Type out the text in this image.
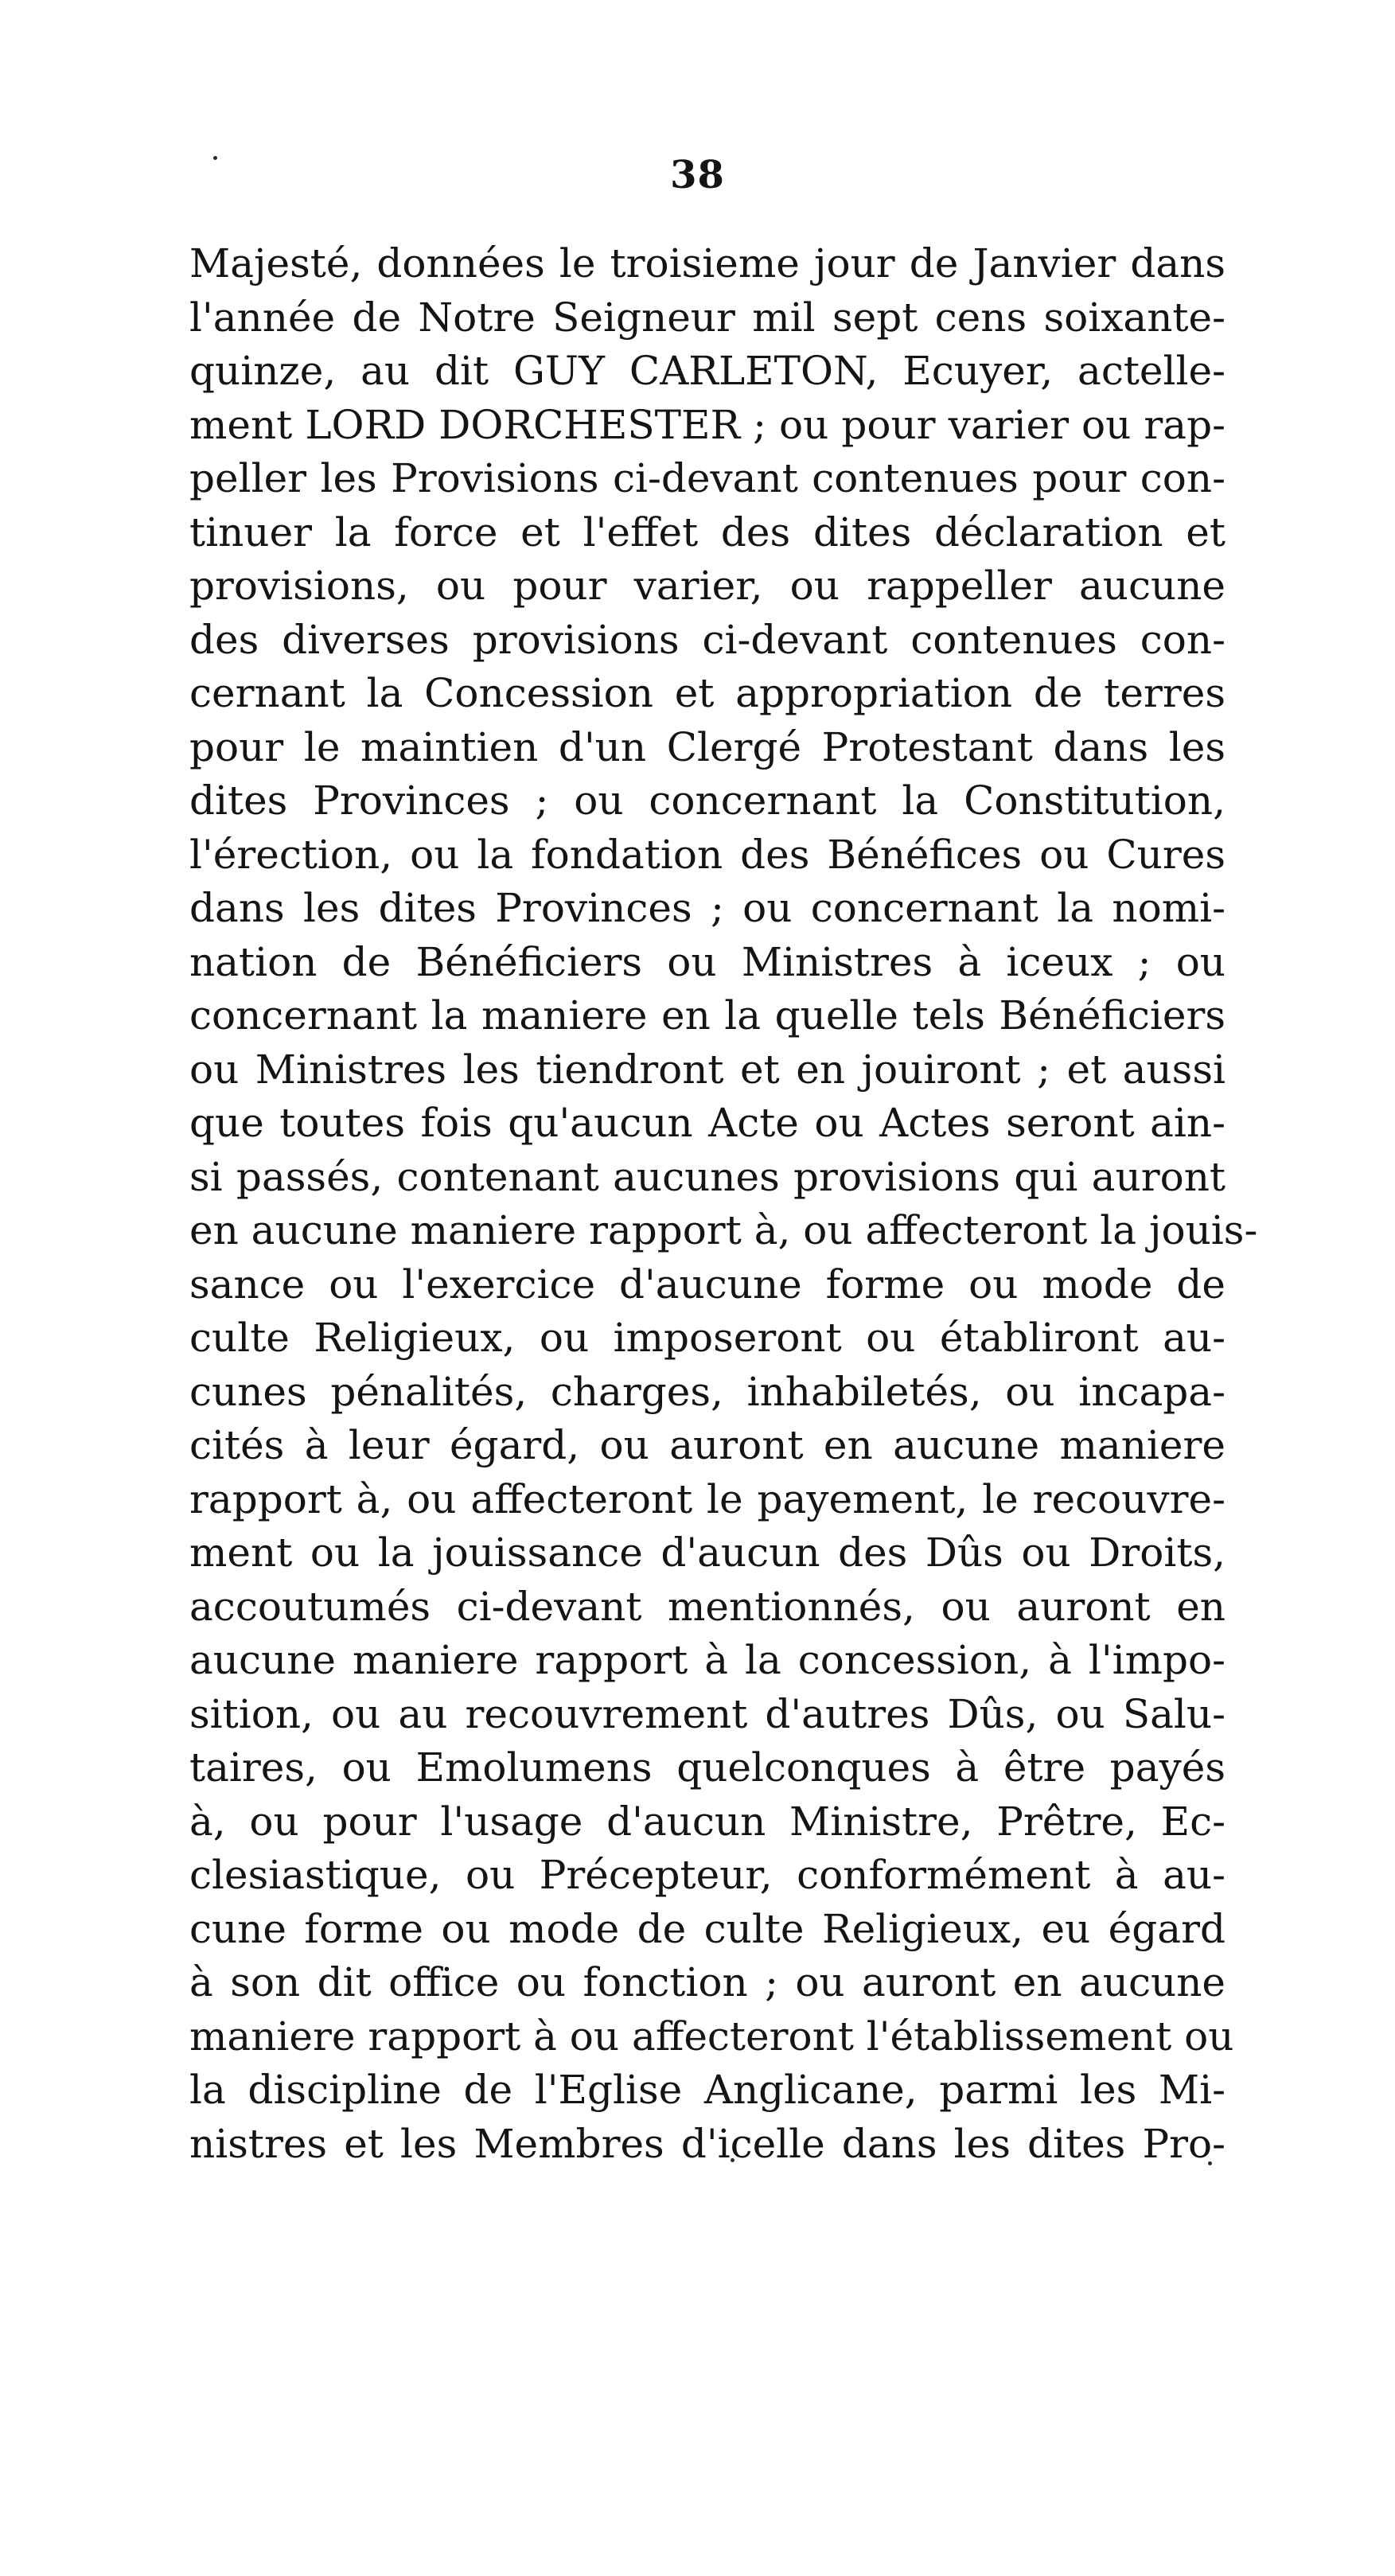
38
Majesté, données le troisieme jour de Janvier dans
l'année de Notre Seigneur mil sept cens soixante-
quinze, au dit GUY CARLETON, Ecuyer, actelle-
ment LORD DORCHESTER ; ou pour varier ou rap-
peller les Provisions ci-devant contenues pour con-
tinuer la force et l'effet des dites déclaration et
provisions, ou pour varier, ou rappeller aucune
des diverses provisions ci-devant contenues con-
cernant la Concession et appropriation de terres
pour le maintien d'un Clergé Protestant dans les
dites Provinces ; ou concernant la Constitution,
l'érection, ou la fondation des Bénéfices ou Cures
dans les dites Provinces ; ou concernant la nomi-
nation de Bénéficiers ou Ministres à iceux ; ou
concernant la maniere en la quelle tels Bénéficiers
ou Ministres les tiendront et en jouiront ; et aussi
que toutes fois qu'aucun Acte ou Actes seront ain-
si passés, contenant aucunes provisions qui auront
en aucune maniere rapport à, ou affecteront la jouis-
sance ou l'exercice d'aucune forme ou mode de
culte Religieux, ou imposeront ou établiront au-
cunes pénalités, charges, inhabiletés, ou incapa-
cités à leur égard, ou auront en aucune maniere
rapport à, ou affecteront le payement, le recouvre-
ment ou la jouissance d'aucun des Dûs ou Droits,
accoutumés ci-devant mentionnés, ou auront en
aucune maniere rapport à la concession, à l'impo-
sition, ou au recouvrement d'autres Dûs, ou Salu-
taires, ou Emolumens quelconques à être payés
à, ou pour l'usage d'aucun Ministre, Prêtre, Ec-
clesiastique, ou Précepteur, conformément à au-
cune forme ou mode de culte Religieux, eu égard
à son dit office ou fonction ; ou auront en aucune
maniere rapport à ou affecteront l'établissement ou
la discipline de l'Eglise Anglicane, parmi les Mi-
nistres et les Membres d'icelle dans les dites Pro-
